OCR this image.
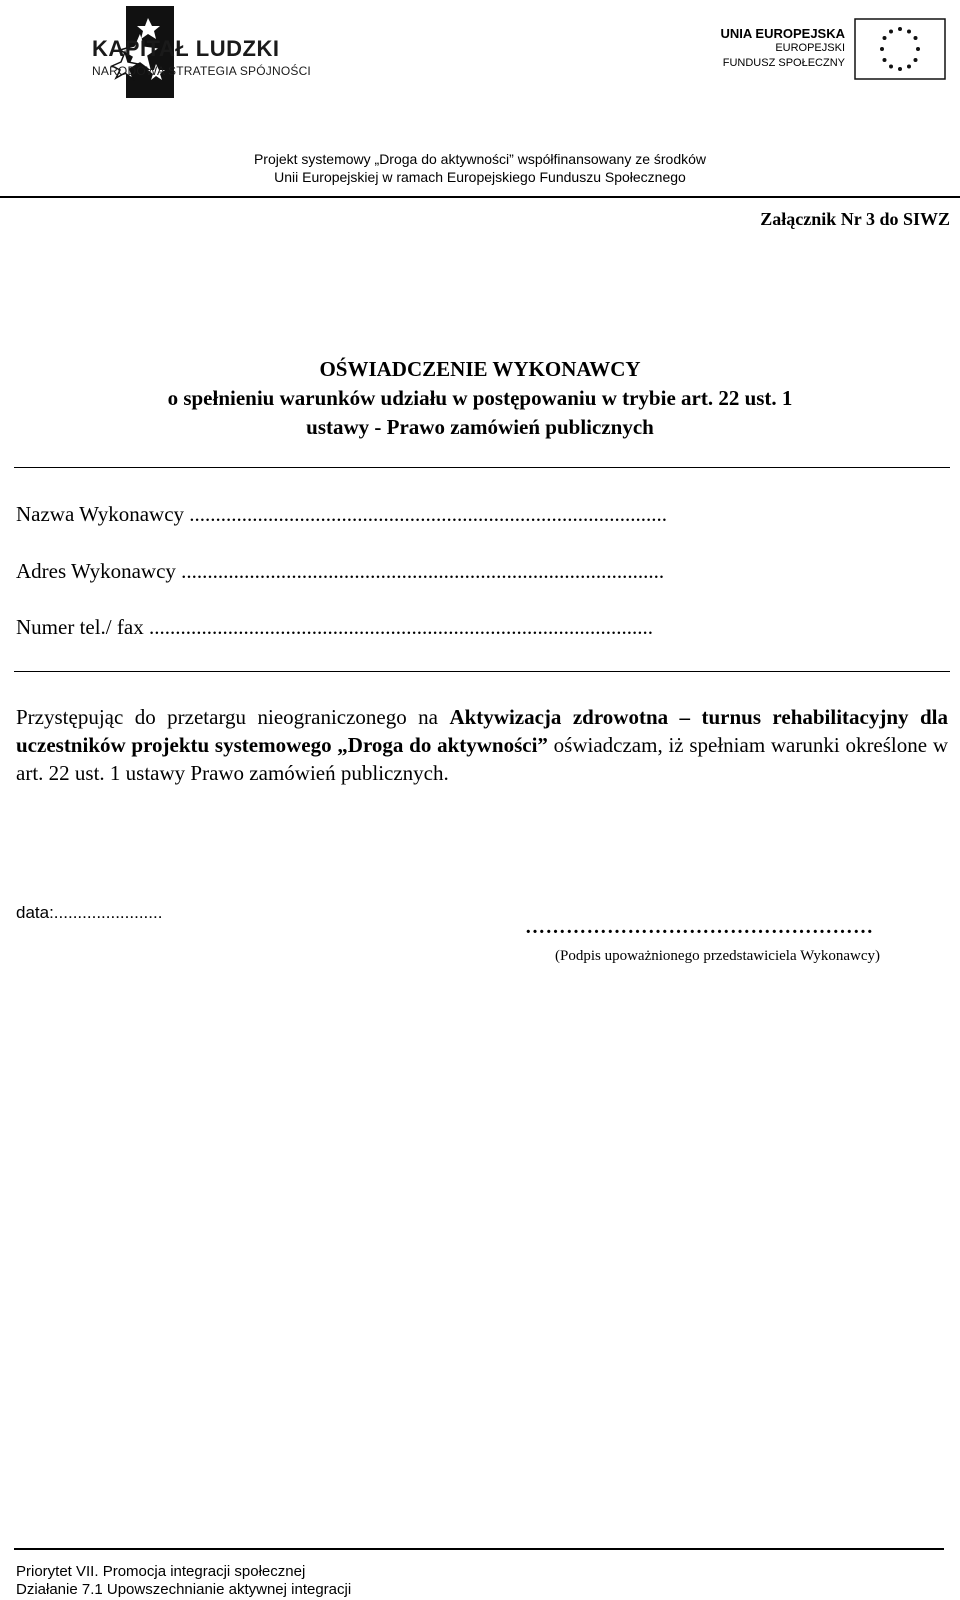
KAPITAŁ LUDZKI
NARODOWA STRATEGIA SPÓJNOŚCI
UNIA EUROPEJSKA
EUROPEJSKI
FUNDUSZ SPOŁECZNY
Projekt systemowy „Droga do aktywności” współfinansowany ze środków
Unii Europejskiej w ramach Europejskiego Funduszu Społecznego
Załącznik Nr 3 do SIWZ
OŚWIADCZENIE WYKONAWCY
o spełnieniu warunków udziału w postępowaniu w trybie art. 22 ust. 1
ustawy - Prawo zamówień publicznych
Nazwa Wykonawcy ...........................................................................................
Adres Wykonawcy ............................................................................................
Numer tel./ fax ................................................................................................
Przystępując do przetargu nieograniczonego na Aktywizacja zdrowotna – turnus rehabilitacyjny dla uczestników projektu systemowego „Droga do aktywności” oświadczam, iż spełniam warunki określone w art. 22 ust. 1 ustawy Prawo zamówień publicznych.
data:.......................
……………………………………………
(Podpis upoważnionego przedstawiciela Wykonawcy)
Priorytet VII. Promocja integracji społecznej
Działanie 7.1 Upowszechnianie aktywnej integracji
